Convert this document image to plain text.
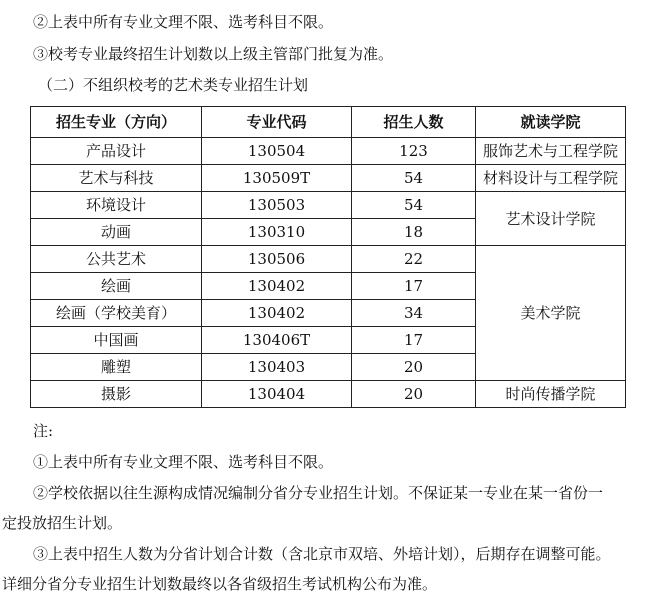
②上表中所有专业文理不限、选考科目不限。
③校考专业最终招生计划数以上级主管部门批复为准。
（二）不组织校考的艺术类专业招生计划
招生专业（方向）	专业代码	招生人数	就读学院
产品设计	130504	123	服饰艺术与工程学院
艺术与科技	130509T	54	材料设计与工程学院
环境设计	130503	54	艺术设计学院
动画	130310	18	
公共艺术	130506	22	美术学院
绘画	130402	17	
绘画（学校美育）	130402	34	
中国画	130406T	17	
雕塑	130403	20	
摄影	130404	20	时尚传播学院
注:
①上表中所有专业文理不限、选考科目不限。
②学校依据以往生源构成情况编制分省分专业招生计划。不保证某一专业在某一省份一
定投放招生计划。
③上表中招生人数为分省计划合计数（含北京市双培、外培计划），后期存在调整可能。
详细分省分专业招生计划数最终以各省级招生考试机构公布为准。
